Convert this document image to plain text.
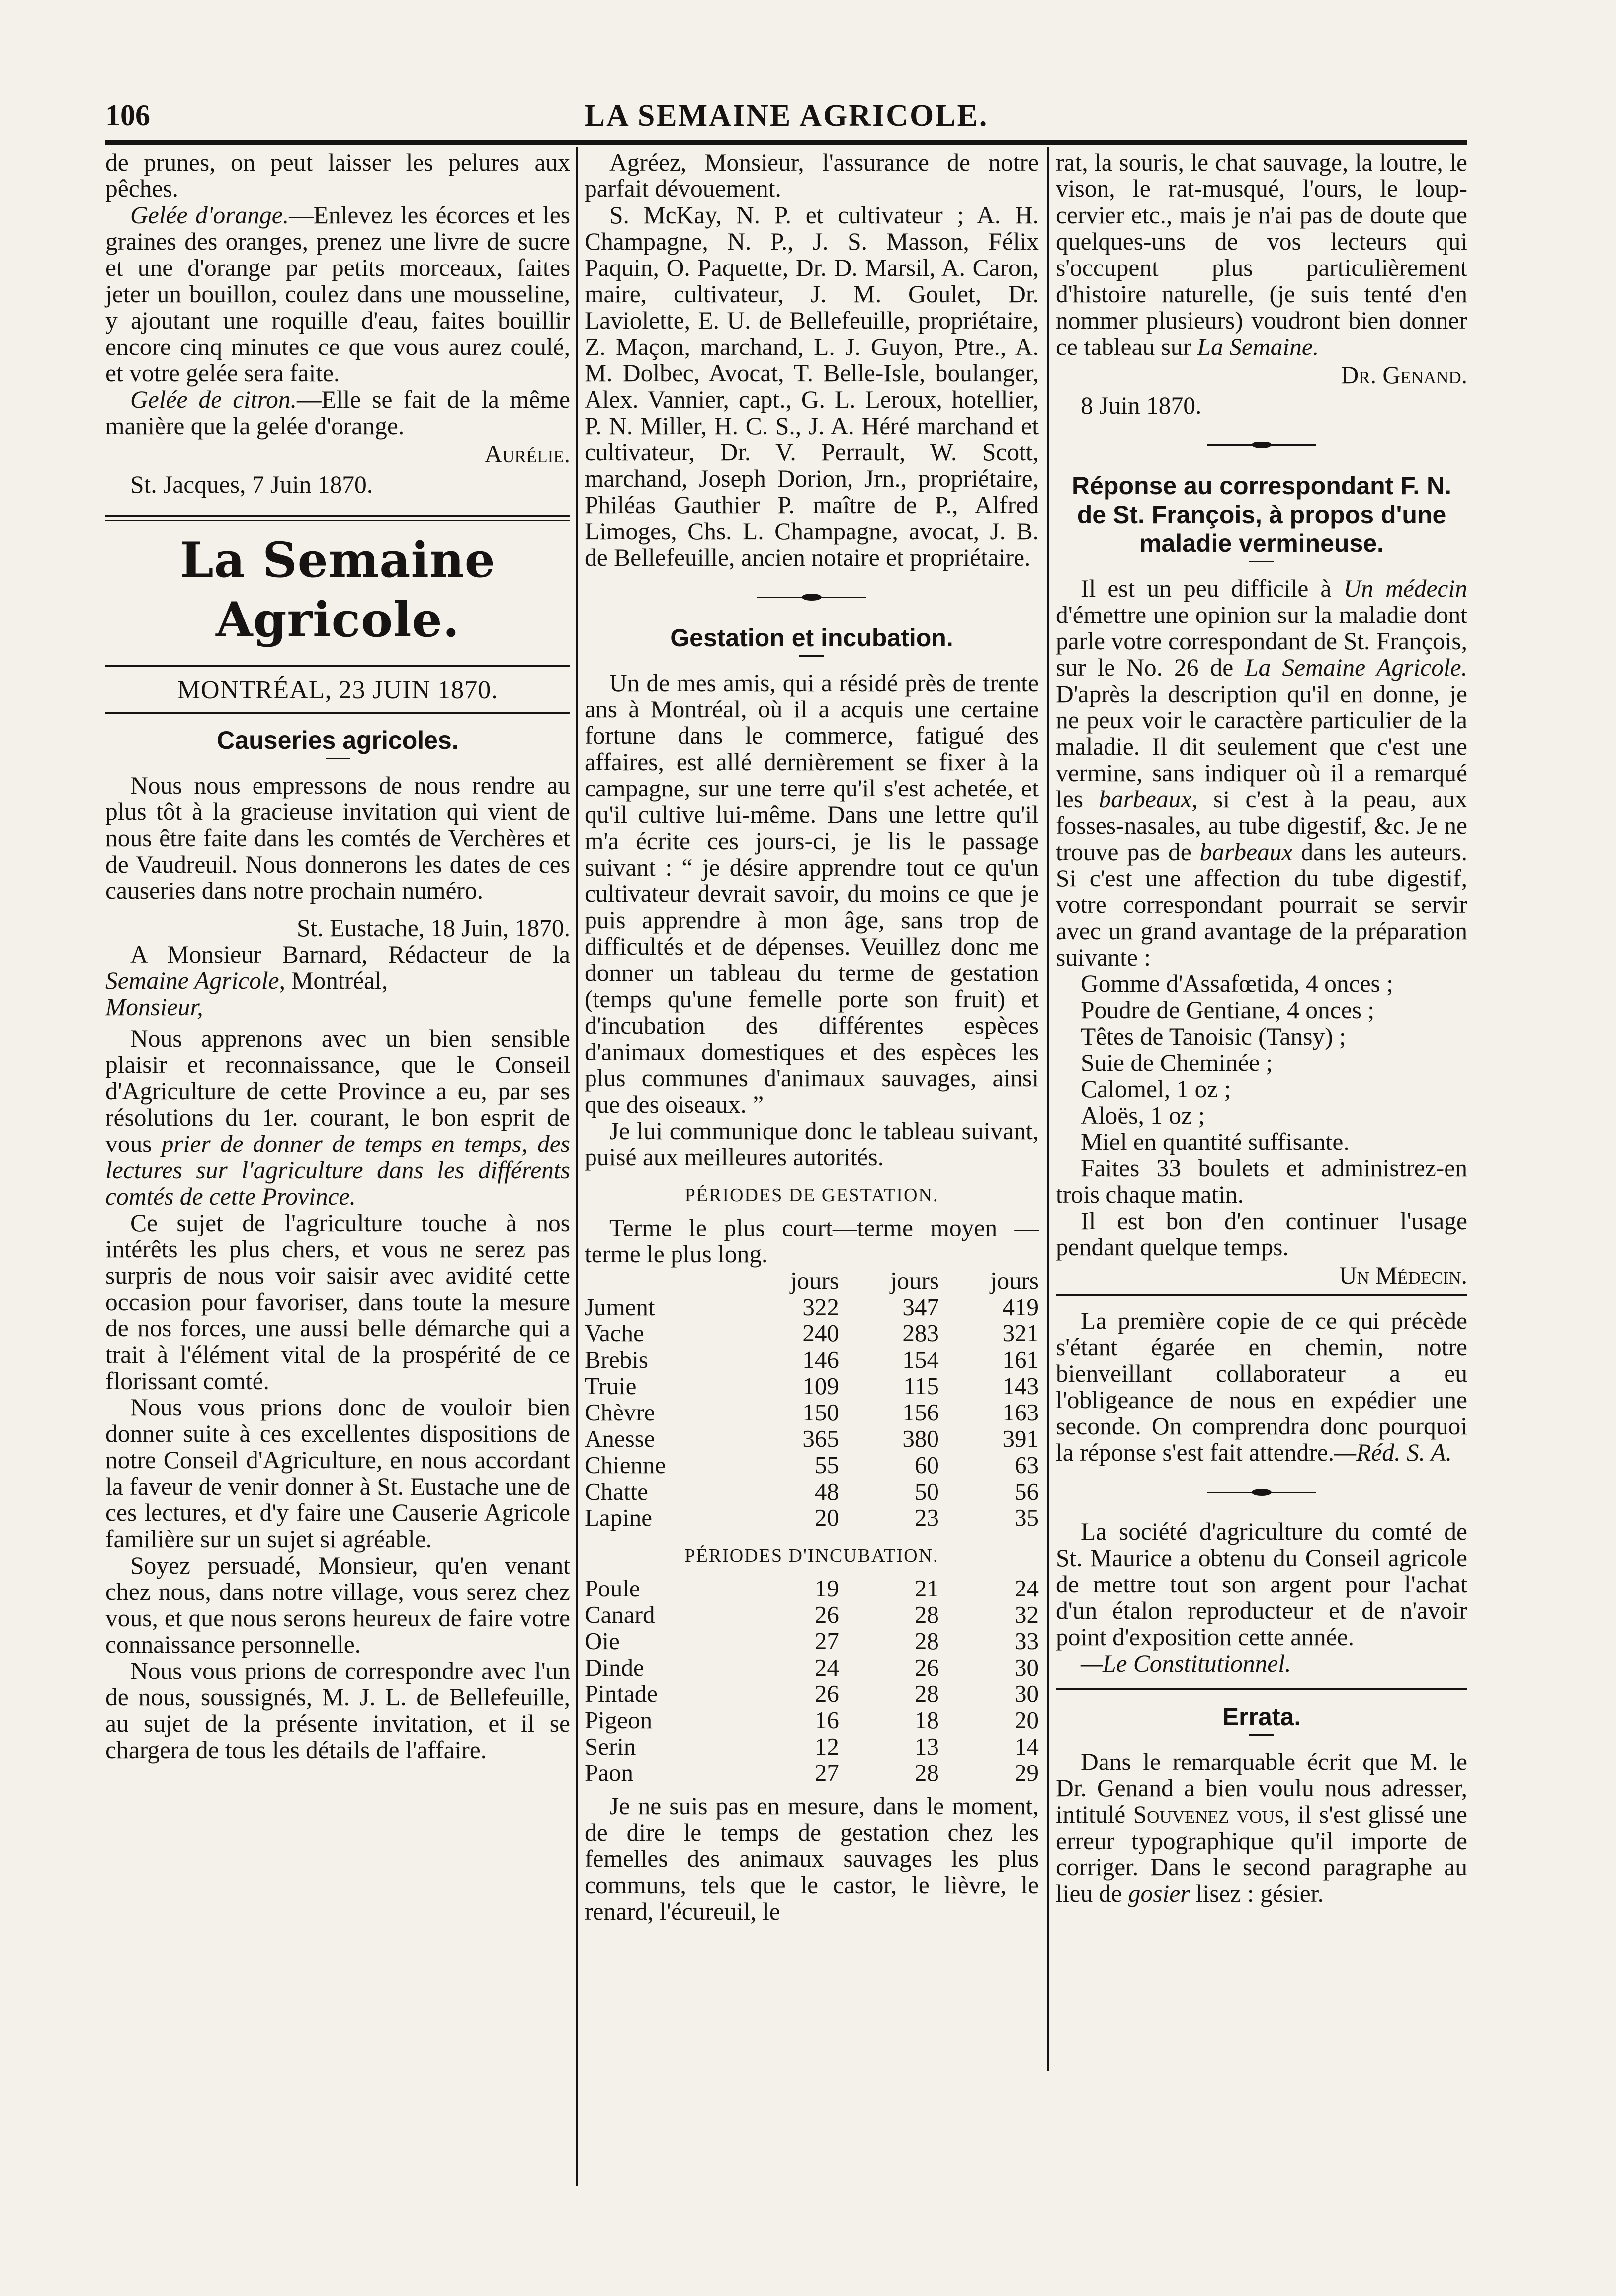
106	LA SEMAINE AGRICOLE.

de prunes, on peut laisser les pelures aux pêches.

Gelée d'orange.—Enlevez les écorces et les graines des oranges, prenez une livre de sucre et une d'orange par petits morceaux, faites jeter un bouillon, coulez dans une mousseline, y ajoutant une roquille d'eau, faites bouillir encore cinq minutes ce que vous aurez coulé, et votre gelée sera faite.

Gelée de citron.—Elle se fait de la même manière que la gelée d'orange.

Aurélie.

St. Jacques, 7 Juin 1870.

La Semaine Agricole.
MONTRÉAL, 23 JUIN 1870.
Causeries agricoles.

Nous nous empressons de nous rendre au plus tôt à la gracieuse invitation qui vient de nous être faite dans les comtés de Verchères et de Vaudreuil. Nous donnerons les dates de ces causeries dans notre prochain numéro.

St. Eustache, 18 Juin, 1870.

A Monsieur Barnard, Rédacteur de la Semaine Agricole, Montréal,

Monsieur,

Nous apprenons avec un bien sensible plaisir et reconnaissance, que le Conseil d'Agriculture de cette Province a eu, par ses résolutions du 1er. courant, le bon esprit de vous prier de donner de temps en temps, des lectures sur l'agriculture dans les différents comtés de cette Province.

Ce sujet de l'agriculture touche à nos intérêts les plus chers, et vous ne serez pas surpris de nous voir saisir avec avidité cette occasion pour favoriser, dans toute la mesure de nos forces, une aussi belle démarche qui a trait à l'élément vital de la prospérité de ce florissant comté.

Nous vous prions donc de vouloir bien donner suite à ces excellentes dispositions de notre Conseil d'Agriculture, en nous accordant la faveur de venir donner à St. Eustache une de ces lectures, et d'y faire une Causerie Agricole familière sur un sujet si agréable.

Soyez persuadé, Monsieur, qu'en venant chez nous, dans notre village, vous serez chez vous, et que nous serons heureux de faire votre connaissance personnelle.

Nous vous prions de correspondre avec l'un de nous, soussignés, M. J. L. de Bellefeuille, au sujet de la présente invitation, et il se chargera de tous les détails de l'affaire.

Agréez, Monsieur, l'assurance de notre parfait dévouement.

S. McKay, N. P. et cultivateur ; A. H. Champagne, N. P., J. S. Masson, Félix Paquin, O. Paquette, Dr. D. Marsil, A. Caron, maire, cultivateur, J. M. Goulet, Dr. Laviolette, E. U. de Bellefeuille, propriétaire, Z. Maçon, marchand, L. J. Guyon, Ptre., A. M. Dolbec, Avocat, T. Belle-Isle, boulanger, Alex. Vannier, capt., G. L. Leroux, hotellier, P. N. Miller, H. C. S., J. A. Héré marchand et cultivateur, Dr. V. Perrault, W. Scott, marchand, Joseph Dorion, Jrn., propriétaire, Philéas Gauthier P. maître de P., Alfred Limoges, Chs. L. Champagne, avocat, J. B. de Bellefeuille, ancien notaire et propriétaire.

Gestation et incubation.

Un de mes amis, qui a résidé près de trente ans à Montréal, où il a acquis une certaine fortune dans le commerce, fatigué des affaires, est allé dernièrement se fixer à la campagne, sur une terre qu'il s'est achetée, et qu'il cultive lui-même. Dans une lettre qu'il m'a écrite ces jours-ci, je lis le passage suivant : “ je désire apprendre tout ce qu'un cultivateur devrait savoir, du moins ce que je puis apprendre à mon âge, sans trop de difficultés et de dépenses. Veuillez donc me donner un tableau du terme de gestation (temps qu'une femelle porte son fruit) et d'incubation des différentes espèces d'animaux domestiques et des espèces les plus communes d'animaux sauvages, ainsi que des oiseaux. ”

Je lui communique donc le tableau suivant, puisé aux meilleures autorités.

PÉRIODES DE GESTATION.

Terme le plus court—terme moyen —terme le plus long.

	jours	jours	jours
Jument	322	347	419
Vache	240	283	321
Brebis	146	154	161
Truie	109	115	143
Chèvre	150	156	163
Anesse	365	380	391
Chienne	55	60	63
Chatte	48	50	56
Lapine	20	23	35
PÉRIODES D'INCUBATION.
Poule	19	21	24
Canard	26	28	32
Oie	27	28	33
Dinde	24	26	30
Pintade	26	28	30
Pigeon	16	18	20
Serin	12	13	14
Paon	27	28	29

Je ne suis pas en mesure, dans le moment, de dire le temps de gestation chez les femelles des animaux sauvages les plus communs, tels que le castor, le lièvre, le renard, l'écureuil, le

rat, la souris, le chat sauvage, la loutre, le vison, le rat-musqué, l'ours, le loup-cervier etc., mais je n'ai pas de doute que quelques-uns de vos lecteurs qui s'occupent plus particulièrement d'histoire naturelle, (je suis tenté d'en nommer plusieurs) voudront bien donner ce tableau sur La Semaine.

Dr. Genand.

8 Juin 1870.

Réponse au correspondant F. N. de St. François, à propos d'une maladie vermineuse.

Il est un peu difficile à Un médecin d'émettre une opinion sur la maladie dont parle votre correspondant de St. François, sur le No. 26 de La Semaine Agricole. D'après la description qu'il en donne, je ne peux voir le caractère particulier de la maladie. Il dit seulement que c'est une vermine, sans indiquer où il a remarqué les barbeaux, si c'est à la peau, aux fosses-nasales, au tube digestif, &c. Je ne trouve pas de barbeaux dans les auteurs. Si c'est une affection du tube digestif, votre correspondant pourrait se servir avec un grand avantage de la préparation suivante :

Gomme d'Assafœtida, 4 onces ;

Poudre de Gentiane, 4 onces ;

Têtes de Tanoisic (Tansy) ;

Suie de Cheminée ;

Calomel, 1 oz ;

Aloës, 1 oz ;

Miel en quantité suffisante.

Faites 33 boulets et administrez-en trois chaque matin.

Il est bon d'en continuer l'usage pendant quelque temps.

Un Médecin.

La première copie de ce qui précède s'étant égarée en chemin, notre bienveillant collaborateur a eu l'obligeance de nous en expédier une seconde. On comprendra donc pourquoi la réponse s'est fait attendre.—Réd. S. A.

La société d'agriculture du comté de St. Maurice a obtenu du Conseil agricole de mettre tout son argent pour l'achat d'un étalon reproducteur et de n'avoir point d'exposition cette année.

—Le Constitutionnel.

Errata.

Dans le remarquable écrit que M. le Dr. Genand a bien voulu nous adresser, intitulé Souvenez vous, il s'est glissé une erreur typographique qu'il importe de corriger. Dans le second paragraphe au lieu de gosier lisez : gésier.
